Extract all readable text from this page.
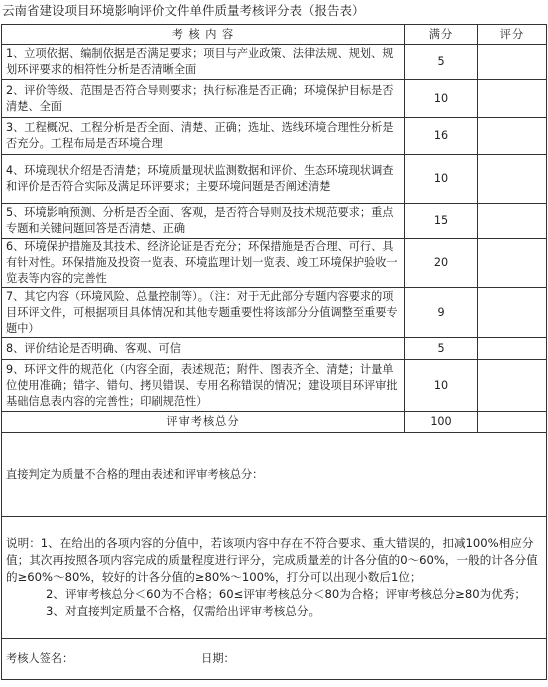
云南省建设项目环境影响评价文件单件质量考核评分表（报告表）
考 核 内 容	满分	评分
1、立项依据、编制依据是否满足要求；项目与产业政策、法律法规、规划、规划环评要求的相符性分析是否清晰全面	5	
2、评价等级、范围是否符合导则要求；执行标准是否正确；环境保护目标是否清楚、全面	10	
3、工程概况、工程分析是否全面、清楚、正确；选址、选线环境合理性分析是否充分。工程布局是否环境合理	16	
4、环境现状介绍是否清楚；环境质量现状监测数据和评价、生态环境现状调查和评价是否符合实际及满足环评要求；主要环境问题是否阐述清楚	10	
5、环境影响预测、分析是否全面、客观，是否符合导则及技术规范要求；重点专题和关键问题回答是否清楚、正确	15	
6、环境保护措施及其技术、经济论证是否充分；环保措施是否合理、可行、具有针对性。环保措施及投资一览表、环境监理计划一览表、竣工环境保护验收一览表等内容的完善性	20	
7、其它内容（环境风险、总量控制等）。（注：对于无此部分专题内容要求的项目环评文件，可根据项目具体情况和其他专题重要性将该部分分值调整至重要专题中）	9	
8、评价结论是否明确、客观、可信	5	
9、环评文件的规范化（内容全面，表述规范；附件、图表齐全、清楚；计量单位使用准确；错字、错句、拷贝错误、专用名称错误的情况；建设项目环评审批基础信息表内容的完善性；印刷规范性）	10	
评审考核总分	100	
直接判定为质量不合格的理由表述和评审考核总分：		

说明：1、在给出的各项内容的分值中，若该项内容中存在不符合要求、重大错误的，扣减100%相应分值；其次再按照各项内容完成的质量程度进行评分，完成质量差的计各分值的0～60%，一般的计各分值的≥60%～80%，较好的计各分值的≥80%～100%，打分可以出现小数后1位；

2、评审考核总分＜60为不合格；60≤评审考核总分＜80为合格；评审考核总分≥80为优秀；

3、对直接判定质量不合格，仅需给出评审考核总分。		

考核人签名： 日期：		
